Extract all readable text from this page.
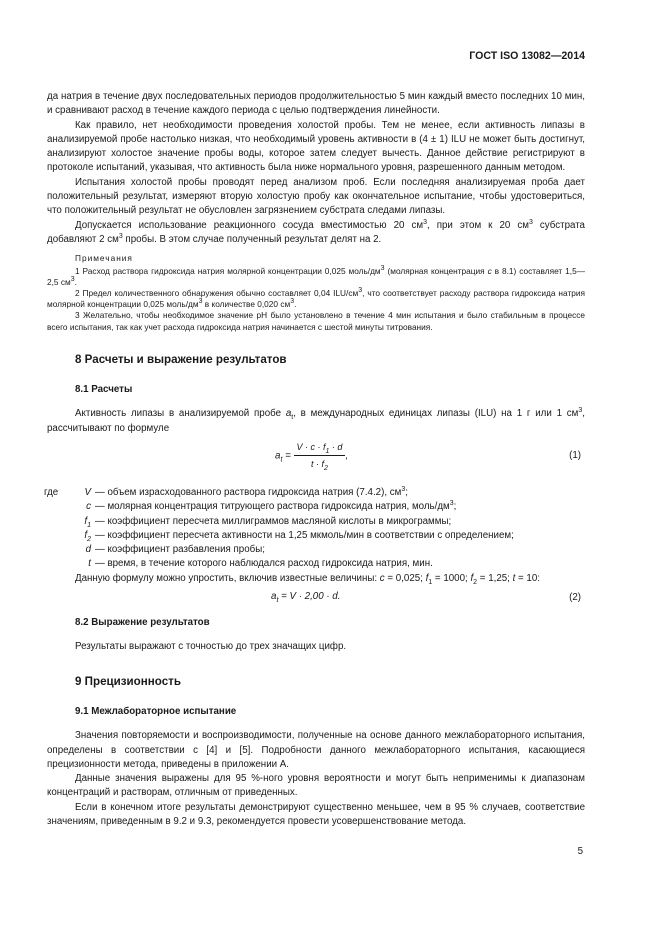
ГОСТ ISO 13082—2014

да натрия в течение двух последовательных периодов продолжительностью 5 мин каждый вместо последних 10 мин, и сравнивают расход в течение каждого периода с целью подтверждения линейности.

Как правило, нет необходимости проведения холостой пробы. Тем не менее, если активность липазы в анализируемой пробе настолько низкая, что необходимый уровень активности в (4 ± 1) ILU не может быть достигнут, анализируют холостое значение пробы воды, которое затем следует вычесть. Данное действие регистрируют в протоколе испытаний, указывая, что активность была ниже нормального уровня, разрешенного данным методом.

Испытания холостой пробы проводят перед анализом проб. Если последняя анализируемая проба дает положительный результат, измеряют вторую холостую пробу как окончательное испытание, чтобы удостовериться, что положительный результат не обусловлен загрязнением субстрата следами липазы.

Допускается использование реакционного сосуда вместимостью 20 $см^3$, при этом к 20 $см^3$ субстрата добавляют 2 $см^3$ пробы. В этом случае полученный результат делят на 2.

Примечания
1 Расход раствора гидроксида натрия молярной концентрации 0,025 моль/$дм^3$ (молярная концентрация c в 8.1) составляет 1,5—2,5 $см^3$.
2 Предел количественного обнаружения обычно составляет 0,04 ILU/$см^3$, что соответствует расходу раствора гидроксида натрия молярной концентрации 0,025 моль/$дм^3$ в количестве 0,020 $см^3$.
3 Желательно, чтобы необходимое значение pH было установлено в течение 4 мин испытания и было стабильным в процессе всего испытания, так как учет расхода гидроксида натрия начинается с шестой минуты титрования.
8 Расчеты и выражение результатов
8.1 Расчеты

Активность липазы в анализируемой пробе $a_t$, в международных единицах липазы (ILU) на 1 г или 1 $см^3$, рассчитывают по формуле

$a_t = \frac{V \cdot c \cdot f_1 \cdot d}{t \cdot f_2}$ ,	(1)
где	V — объем израсходованного раствора гидроксида натрия (7.4.2), $см^3$;
c — молярная концентрация титрующего раствора гидроксида натрия, моль/$дм^3$;
$f_1$ — коэффициент пересчета миллиграммов масляной кислоты в микрограммы;
$f_2$ — коэффициент пересчета активности на 1,25 мкмоль/мин в соответствии с определением;
d — коэффициент разбавления пробы;
t — время, в течение которого наблюдался расход гидроксида натрия, мин.

Данную формулу можно упростить, включив известные величины: c = 0,025; $f_1 = 1000$; $f_2 = 1,25$; t = 10:

$a_t = V \cdot 2,00 \cdot d$.	(2)
8.2 Выражение результатов

Результаты выражают с точностью до трех значащих цифр.

9 Прецизионность
9.1 Межлабораторное испытание

Значения повторяемости и воспроизводимости, полученные на основе данного межлабораторного испытания, определены в соответствии с [4] и [5]. Подробности данного межлабораторного испытания, касающиеся прецизионности метода, приведены в приложении А.

Данные значения выражены для 95 %-ного уровня вероятности и могут быть неприменимы к диапазонам концентраций и растворам, отличным от приведенных.

Если в конечном итоге результаты демонстрируют существенно меньшее, чем в 95 % случаев, соответствие значениям, приведенным в 9.2 и 9.3, рекомендуется провести усовершенствование метода.

5
